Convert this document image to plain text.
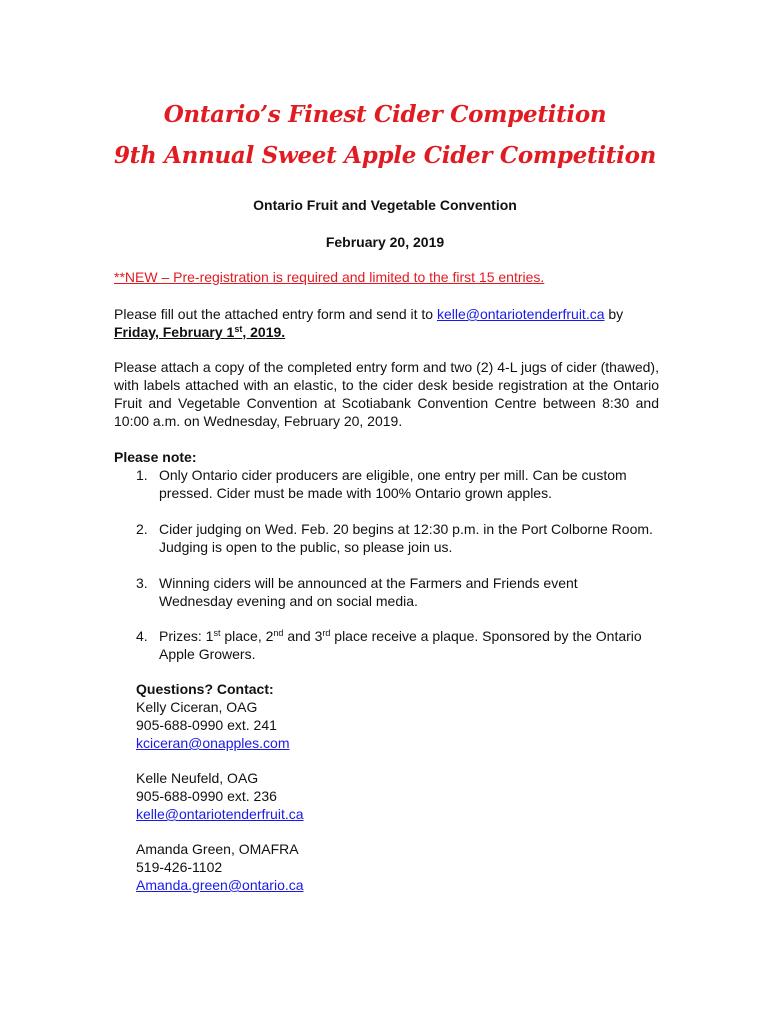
Ontario’s Finest Cider Competition
9th Annual Sweet Apple Cider Competition
Ontario Fruit and Vegetable Convention
February 20, 2019
**NEW – Pre-registration is required and limited to the first 15 entries.
Please fill out the attached entry form and send it to kelle@ontariotenderfruit.ca by
Friday, February 1st, 2019.
Please attach a copy of the completed entry form and two (2) 4-L jugs of cider (thawed), with labels attached with an elastic, to the cider desk beside registration at the Ontario Fruit and Vegetable Convention at Scotiabank Convention Centre between 8:30 and 10:00 a.m. on Wednesday, February 20, 2019.
Please note:
1. Only Ontario cider producers are eligible, one entry per mill. Can be custom pressed. Cider must be made with 100% Ontario grown apples.
2. Cider judging on Wed. Feb. 20 begins at 12:30 p.m. in the Port Colborne Room. Judging is open to the public, so please join us.
3. Winning ciders will be announced at the Farmers and Friends event Wednesday evening and on social media.
4. Prizes: 1st place, 2nd and 3rd place receive a plaque. Sponsored by the Ontario Apple Growers.
Questions? Contact:
Kelly Ciceran, OAG
905-688-0990 ext. 241
kciceran@onapples.com
Kelle Neufeld, OAG
905-688-0990 ext. 236
kelle@ontariotenderfruit.ca
Amanda Green, OMAFRA
519-426-1102
Amanda.green@ontario.ca
